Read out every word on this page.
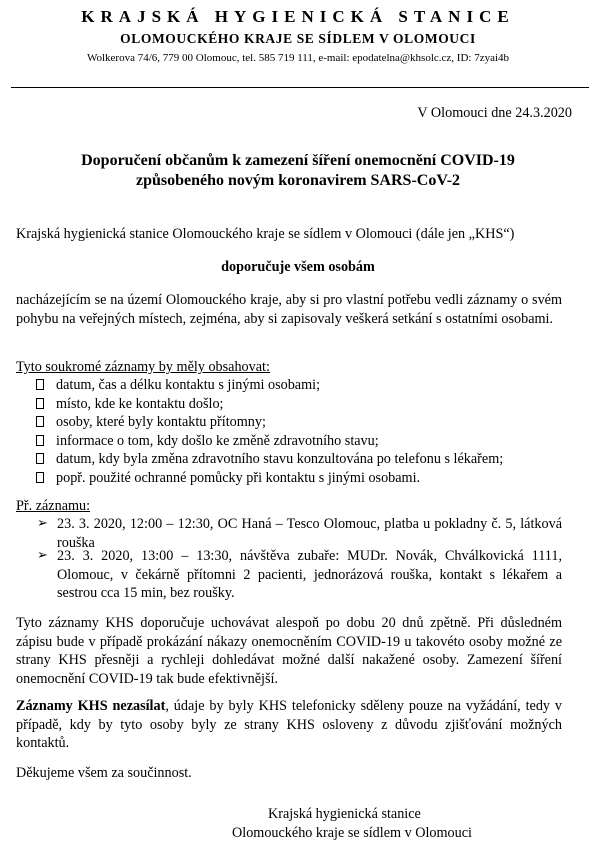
KRAJSKÁ HYGIENICKÁ STANICE
OLOMOUCKÉHO KRAJE SE SÍDLEM V OLOMOUCI
Wolkerova 74/6, 779 00 Olomouc, tel. 585 719 111, e-mail: epodatelna@khsolc.cz, ID: 7zyai4b
V Olomouci dne 24.3.2020
Doporučení občanům k zamezení šíření onemocnění COVID-19
způsobeného novým koronavirem SARS-CoV-2
Krajská hygienická stanice Olomouckého kraje se sídlem v Olomouci (dále jen „KHS“)
doporučuje všem osobám
nacházejícím se na území Olomouckého kraje, aby si pro vlastní potřebu vedli záznamy o svém pohybu na veřejných místech, zejména, aby si zapisovaly veškerá setkání s ostatními osobami.
Tyto soukromé záznamy by měly obsahovat:
datum, čas a délku kontaktu s jinými osobami;
místo, kde ke kontaktu došlo;
osoby, které byly kontaktu přítomny;
informace o tom, kdy došlo ke změně zdravotního stavu;
datum, kdy byla změna zdravotního stavu konzultována po telefonu s lékařem;
popř. použité ochranné pomůcky při kontaktu s jinými osobami.
Př. záznamu:
➢ 23. 3. 2020, 12:00 – 12:30, OC Haná – Tesco Olomouc, platba u pokladny č. 5, látková rouška
➢ 23. 3. 2020, 13:00 – 13:30, návštěva zubaře: MUDr. Novák, Chválkovická 1111, Olomouc, v čekárně přítomni 2 pacienti, jednorázová rouška, kontakt s lékařem a sestrou cca 15 min, bez roušky.
Tyto záznamy KHS doporučuje uchovávat alespoň po dobu 20 dnů zpětně. Při důsledném zápisu bude v případě prokázání nákazy onemocněním COVID-19 u takovéto osoby možné ze strany KHS přesněji a rychleji dohledávat možné další nakažené osoby. Zamezení šíření onemocnění COVID-19 tak bude efektivnější.
Záznamy KHS nezasílat, údaje by byly KHS telefonicky sděleny pouze na vyžádání, tedy v případě, kdy by tyto osoby byly ze strany KHS osloveny z důvodu zjišťování možných kontaktů.
Děkujeme všem za součinnost.
Krajská hygienická stanice
Olomouckého kraje se sídlem v Olomouci
